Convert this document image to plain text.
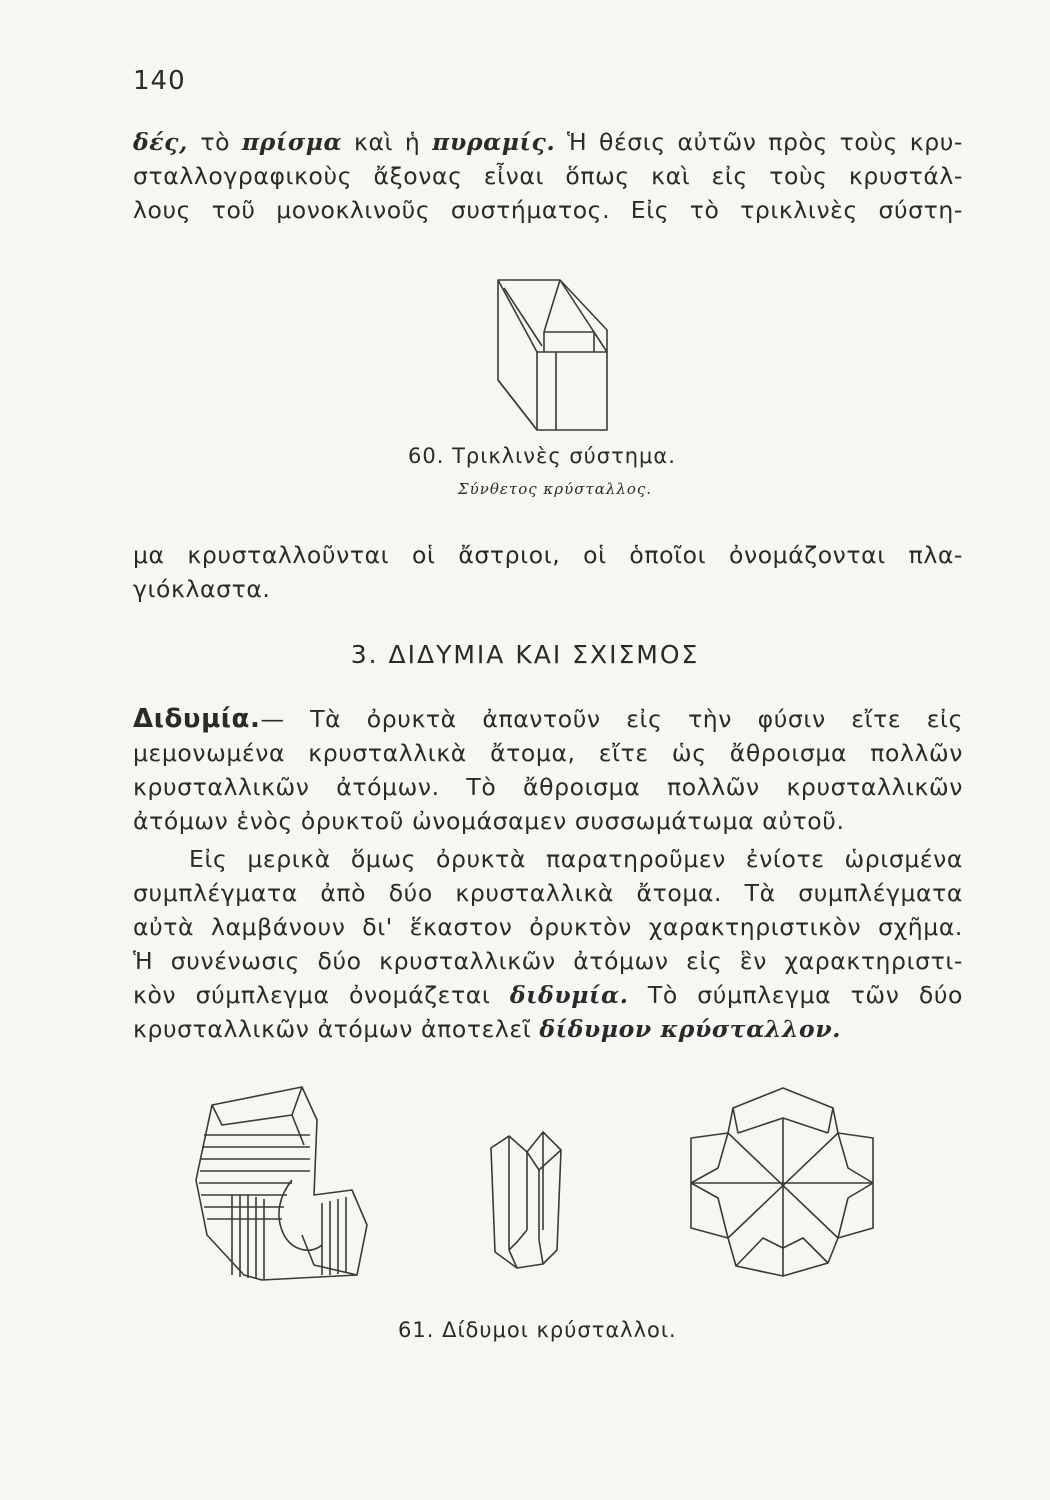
140
δές, τὸ πρίσμα καὶ ἡ πυραμίς. Ἡ θέσις αὐτῶν πρὸς τοὺς κρυ-
σταλλογραφικοὺς ἄξονας εἶναι ὅπως καὶ εἰς τοὺς κρυστάλ-
λους τοῦ μονοκλινοῦς συστήματος. Εἰς τὸ τρικλινὲς σύστη-
60. Τρικλινὲς σύστημα.
Σύνθετος κρύσταλλος.
μα κρυσταλλοῦνται οἱ ἄστριοι, οἱ ὁποῖοι ὀνομάζονται πλα-
γιόκλαστα.
3. ΔΙΔΥΜΙΑ ΚΑΙ ΣΧΙΣΜΟΣ
Διδυμία.— Τὰ ὀρυκτὰ ἀπαντοῦν εἰς τὴν φύσιν εἴτε εἰς
μεμονωμένα κρυσταλλικὰ ἄτομα, εἴτε ὡς ἄθροισμα πολλῶν
κρυσταλλικῶν ἀτόμων. Τὸ ἄθροισμα πολλῶν κρυσταλλικῶν
ἀτόμων ἑνὸς ὀρυκτοῦ ὠνομάσαμεν συσσωμάτωμα αὐτοῦ.
Εἰς μερικὰ ὅμως ὀρυκτὰ παρατηροῦμεν ἐνίοτε ὡρισμένα
συμπλέγματα ἀπὸ δύο κρυσταλλικὰ ἄτομα. Τὰ συμπλέγματα
αὐτὰ λαμβάνουν δι' ἕκαστον ὀρυκτὸν χαρακτηριστικὸν σχῆμα.
Ἡ συνένωσις δύο κρυσταλλικῶν ἀτόμων εἰς ἓν χαρακτηριστι-
κὸν σύμπλεγμα ὀνομάζεται διδυμία. Τὸ σύμπλεγμα τῶν δύο
κρυσταλλικῶν ἀτόμων ἀποτελεῖ δίδυμον κρύσταλλον.
61. Δίδυμοι κρύσταλλοι.
